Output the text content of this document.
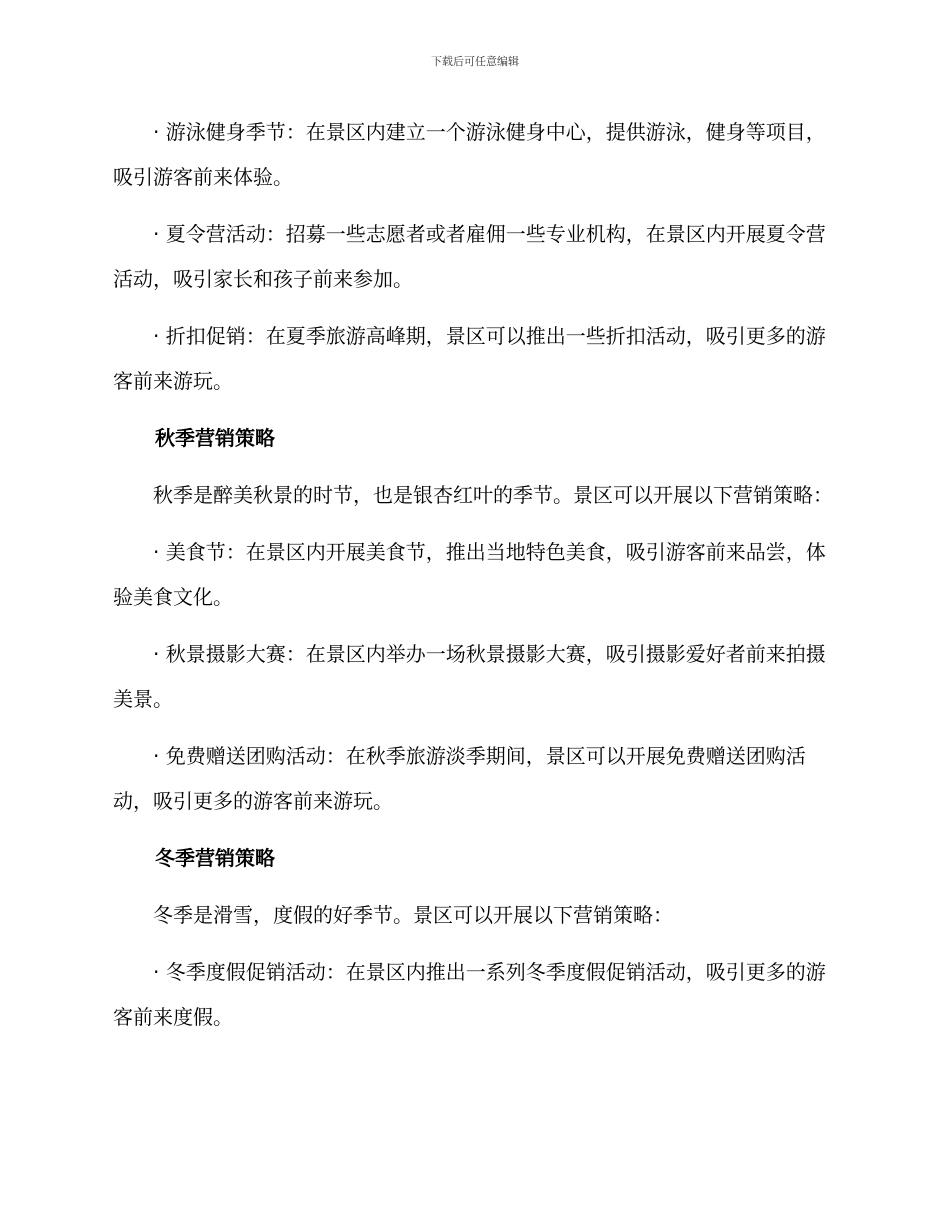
下载后可任意编辑

· 游泳健身季节：在景区内建立一个游泳健身中心，提供游泳，健身等项目，吸引游客前来体验。

· 夏令营活动：招募一些志愿者或者雇佣一些专业机构，在景区内开展夏令营活动，吸引家长和孩子前来参加。

· 折扣促销：在夏季旅游高峰期，景区可以推出一些折扣活动，吸引更多的游客前来游玩。

秋季营销策略

秋季是醉美秋景的时节，也是银杏红叶的季节。景区可以开展以下营销策略：

· 美食节：在景区内开展美食节，推出当地特色美食，吸引游客前来品尝，体验美食文化。

· 秋景摄影大赛：在景区内举办一场秋景摄影大赛，吸引摄影爱好者前来拍摄美景。

· 免费赠送团购活动：在秋季旅游淡季期间，景区可以开展免费赠送团购活动，吸引更多的游客前来游玩。

冬季营销策略

冬季是滑雪，度假的好季节。景区可以开展以下营销策略：

· 冬季度假促销活动：在景区内推出一系列冬季度假促销活动，吸引更多的游客前来度假。
